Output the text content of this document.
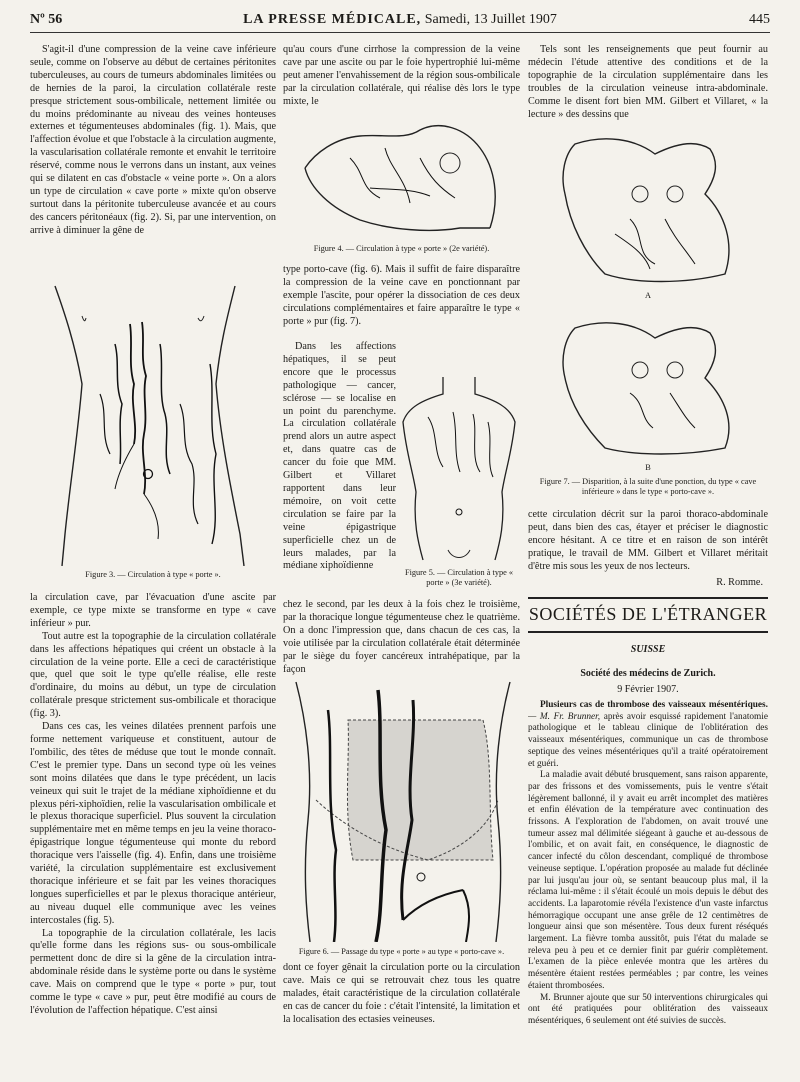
Nº 56	LA PRESSE MÉDICALE, Samedi, 13 Juillet 1907	445

S'agit-il d'une compression de la veine cave inférieure seule, comme on l'observe au début de certaines péritonites tuberculeuses, au cours de tumeurs abdominales limitées ou de hernies de la paroi, la circulation collatérale reste presque strictement sous-ombilicale, nettement limitée ou du moins prédominante au niveau des veines honteuses externes et tégumenteuses abdominales (fig. 1). Mais, que l'affection évolue et que l'obstacle à la circulation augmente, la vascularisation collatérale remonte et envahit le territoire réservé, comme nous le verrons dans un instant, aux veines qui se dilatent en cas d'obstacle « veine porte ». On a alors un type de circulation « cave porte » mixte qu'on observe surtout dans la péritonite tuberculeuse avancée et au cours des cancers péritonéaux (fig. 2). Si, par une intervention, on arrive à diminuer la gêne de

Figure 3. — Circulation à type « porte ».

la circulation cave, par l'évacuation d'une ascite par exemple, ce type mixte se transforme en type « cave inférieur » pur.

Tout autre est la topographie de la circulation collatérale dans les affections hépatiques qui créent un obstacle à la circulation de la veine porte. Elle a ceci de caractéristique que, quel que soit le type qu'elle réalise, elle reste d'ordinaire, du moins au début, un type de circulation collatérale presque strictement sus-ombilicale et thoracique (fig. 3).

Dans ces cas, les veines dilatées prennent parfois une forme nettement variqueuse et constituent, autour de l'ombilic, des têtes de méduse que tout le monde connaît. C'est le premier type. Dans un second type où les veines sont moins dilatées que dans le type précédent, un lacis veineux qui suit le trajet de la médiane xiphoïdienne et du plexus péri-xiphoïdien, relie la vascularisation ombilicale et le plexus thoracique superficiel. Plus souvent la circulation supplémentaire met en même temps en jeu la veine thoraco-épigastrique longue tégumenteuse qui monte du rebord thoracique vers l'aisselle (fig. 4). Enfin, dans une troisième variété, la circulation supplémentaire est exclusivement thoracique inférieure et se fait par les veines thoraciques longues superficielles et par le plexus thoracique antérieur, au niveau duquel elle communique avec les veines intercostales (fig. 5).

La topographie de la circulation collatérale, les lacis qu'elle forme dans les régions sus- ou sous-ombilicale permettent donc de dire si la gêne de la circulation intra-abdominale réside dans le système porte ou dans le système cave. Mais on comprend que le type « porte » pur, tout comme le type « cave » pur, peut être modifié au cours de l'évolution de l'affection hépatique. C'est ainsi

qu'au cours d'une cirrhose la compression de la veine cave par une ascite ou par le foie hypertrophié lui-même peut amener l'envahissement de la région sous-ombilicale par la circulation collatérale, qui réalise dès lors le type mixte, le

Figure 4. — Circulation à type « porte » (2e variété).

type porto-cave (fig. 6). Mais il suffit de faire disparaître la compression de la veine cave en ponctionnant par exemple l'ascite, pour opérer la dissociation de ces deux circulations complémentaires et faire apparaître le type « porte » pur (fig. 7).

Dans les affections hépatiques, il se peut encore que le processus pathologique — cancer, sclérose — se localise en un point du parenchyme. La circulation collatérale prend alors un autre aspect et, dans quatre cas de cancer du foie que MM. Gilbert et Villaret rapportent dans leur mémoire, on voit cette circulation se faire par la veine épigastrique superficielle chez un de leurs malades, par la médiane xiphoïdienne

Figure 5. — Circulation à type « porte » (3e variété).

chez le second, par les deux à la fois chez le troisième, par la thoracique longue tégumenteuse chez le quatrième. On a donc l'impression que, dans chacun de ces cas, la voie utilisée par la circulation collatérale était déterminée par le siège du foyer cancéreux intrahépatique, par la façon

Figure 6. — Passage du type « porte » au type « porto-cave ».

dont ce foyer gênait la circulation porte ou la circulation cave. Mais ce qui se retrouvait chez tous les quatre malades, était caractéristique de la circulation collatérale en cas de cancer du foie : c'était l'intensité, la limitation et la localisation des ectasies veineuses.

Tels sont les renseignements que peut fournir au médecin l'étude attentive des conditions et de la topographie de la circulation supplémentaire dans les troubles de la circulation veineuse intra-abdominale. Comme le disent fort bien MM. Gilbert et Villaret, « la lecture » des dessins que

A
B
Figure 7. — Disparition, à la suite d'une ponction, du type « cave inférieure » dans le type « porto-cave ».

cette circulation décrit sur la paroi thoraco-abdominale peut, dans bien des cas, étayer et préciser le diagnostic encore hésitant. A ce titre et en raison de son intérêt pratique, le travail de MM. Gilbert et Villaret méritait d'être mis sous les yeux de nos lecteurs.

R. Romme.
SOCIÉTÉS DE L'ÉTRANGER
SUISSE
Société des médecins de Zurich.
9 Février 1907.

Plusieurs cas de thrombose des vaisseaux mésentériques. — M. Fr. Brunner, après avoir esquissé rapidement l'anatomie pathologique et le tableau clinique de l'oblitération des vaisseaux mésentériques, communique un cas de thrombose septique des veines mésentériques qu'il a traité opératoirement et guéri.

La maladie avait débuté brusquement, sans raison apparente, par des frissons et des vomissements, puis le ventre s'était légèrement ballonné, il y avait eu arrêt incomplet des matières et enfin élévation de la température avec continuation des frissons. A l'exploration de l'abdomen, on avait trouvé une tumeur assez mal délimitée siégeant à gauche et au-dessous de l'ombilic, et on avait fait, en conséquence, le diagnostic de cancer infecté du côlon descendant, compliqué de thrombose veineuse septique. L'opération proposée au malade fut déclinée par lui jusqu'au jour où, se sentant beaucoup plus mal, il la réclama lui-même : il s'était écoulé un mois depuis le début des accidents. La laparotomie révéla l'existence d'un vaste infarctus hémorragique occupant une anse grêle de 12 centimètres de longueur ainsi que son mésentère. Tous deux furent réséqués largement. La fièvre tomba aussitôt, puis l'état du malade se releva peu à peu et ce dernier finit par guérir complètement. L'examen de la pièce enlevée montra que les artères du mésentère étaient restées perméables ; par contre, les veines étaient thrombosées.

M. Brunner ajoute que sur 50 interventions chirurgicales qui ont été pratiquées pour oblitération des vaisseaux mésentériques, 6 seulement ont été suivies de succès.
